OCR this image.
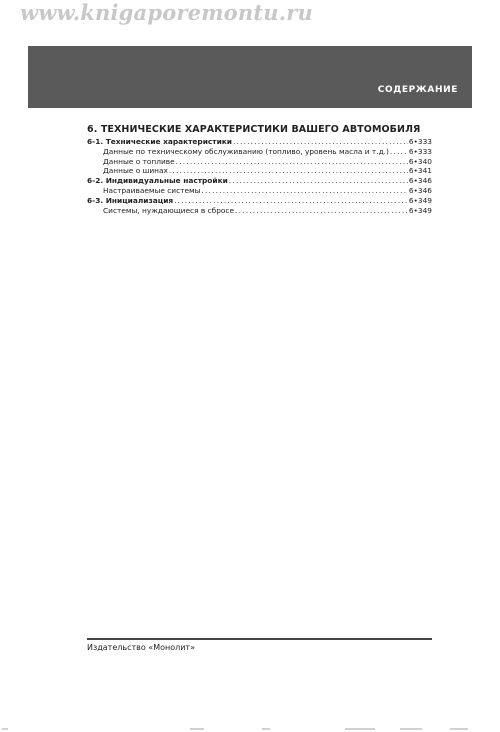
www.knigaporemontu.ru
СОДЕРЖАНИЕ
6. ТЕХНИЧЕСКИЕ ХАРАКТЕРИСТИКИ ВАШЕГО АВТОМОБИЛЯ
6-1. Технические характеристики .....	6•333
Данные по техническому обслуживанию (топливо, уровень масла и т.д.) .....	6•333
Данные о топливе .....	6•340
Данные о шинах .....	6•341
6-2. Индивидуальные настройки .....	6•346
Настраиваемые системы .....	6•346
6-3. Инициализация .....	6•349
Системы, нуждающиеся в сбросе .....	6•349
Издательство «Монолит»
